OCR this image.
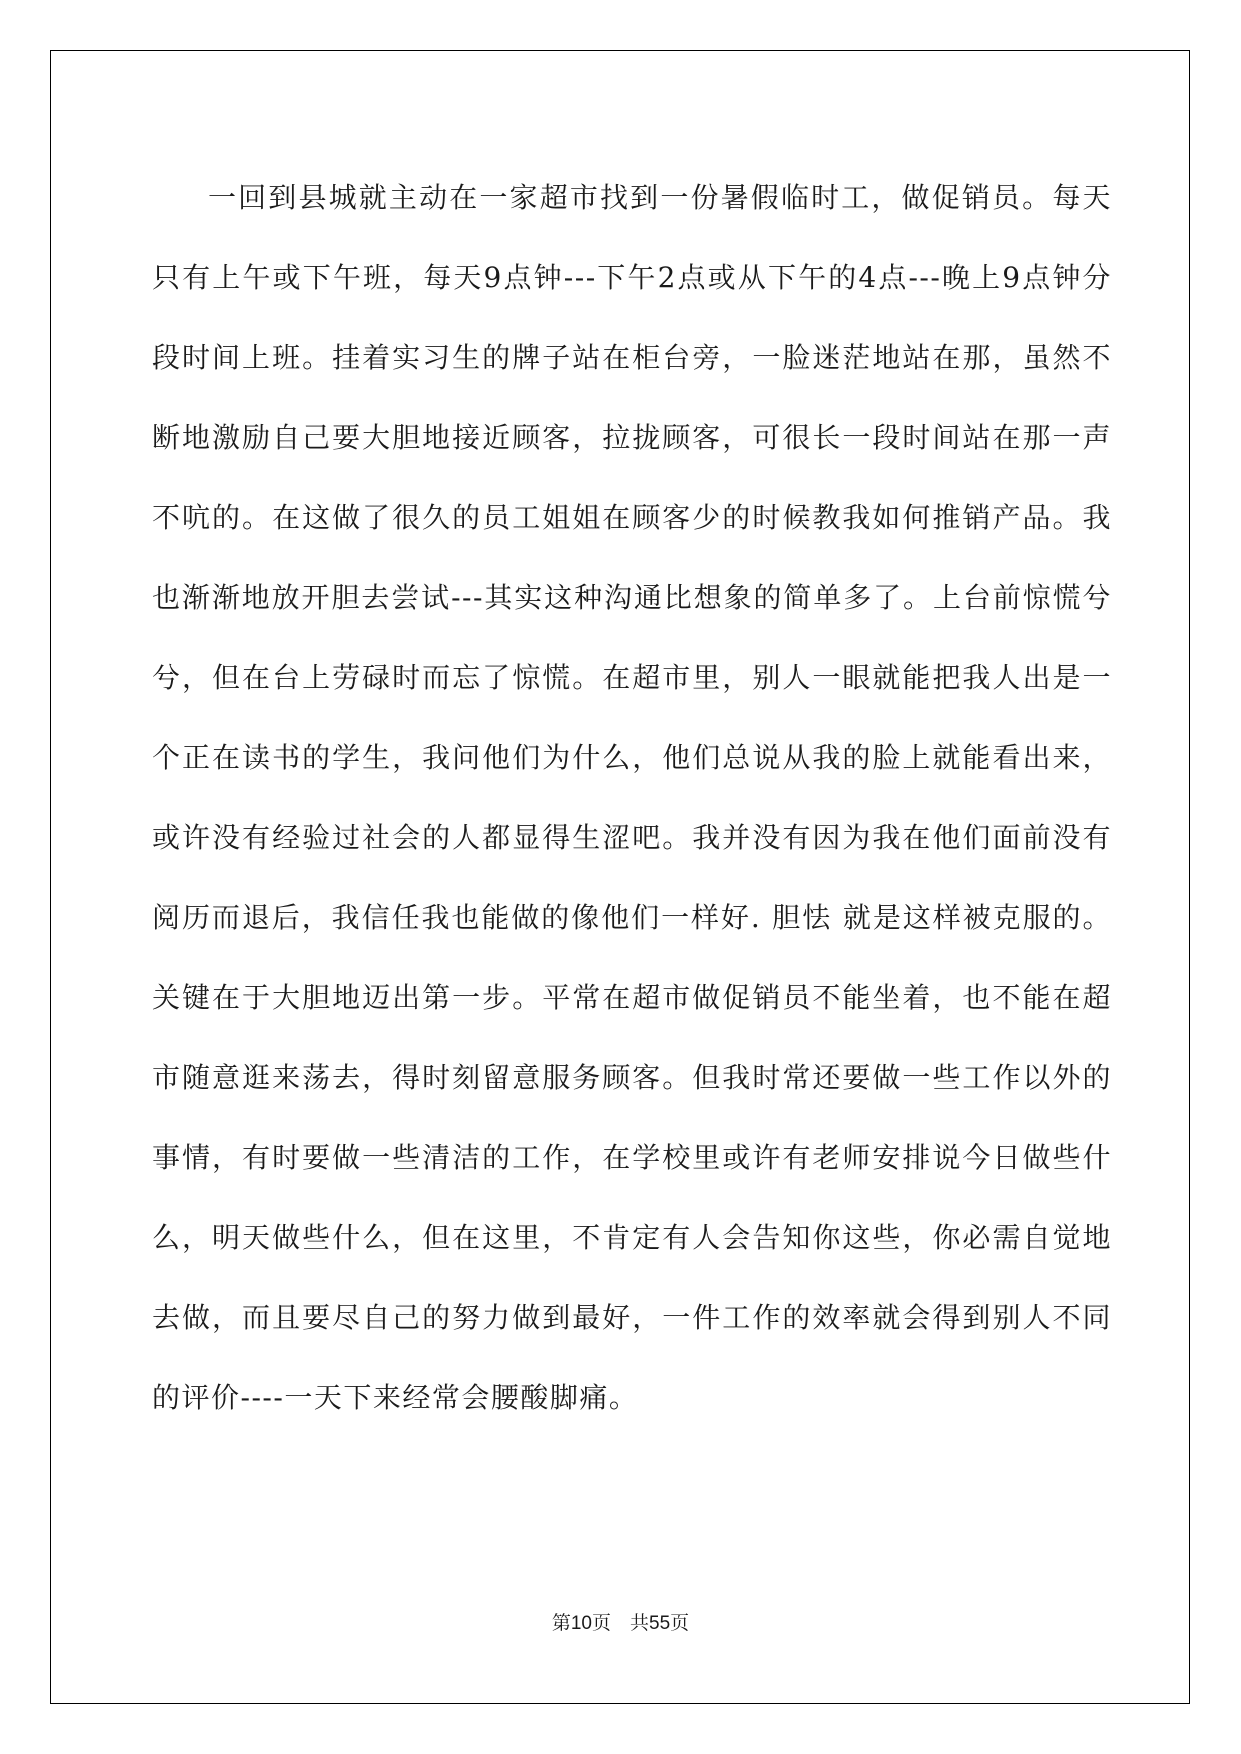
一回到县城就主动在一家超市找到一份暑假临时工，做促销员。每天只有上午或下午班，每天9点钟---下午2点或从下午的4点---晚上9点钟分段时间上班。挂着实习生的牌子站在柜台旁，一脸迷茫地站在那，虽然不断地激励自己要大胆地接近顾客，拉拢顾客，可很长一段时间站在那一声不吭的。在这做了很久的员工姐姐在顾客少的时候教我如何推销产品。我也渐渐地放开胆去尝试---其实这种沟通比想象的简单多了。上台前惊慌兮兮，但在台上劳碌时而忘了惊慌。在超市里，别人一眼就能把我人出是一个正在读书的学生，我问他们为什么，他们总说从我的脸上就能看出来，或许没有经验过社会的人都显得生涩吧。我并没有因为我在他们面前没有阅历而退后，我信任我也能做的像他们一样好. 胆怯 就是这样被克服的。关键在于大胆地迈出第一步。平常在超市做促销员不能坐着，也不能在超市随意逛来荡去，得时刻留意服务顾客。但我时常还要做一些工作以外的事情，有时要做一些清洁的工作，在学校里或许有老师安排说今日做些什么，明天做些什么，但在这里，不肯定有人会告知你这些，你必需自觉地去做，而且要尽自己的努力做到最好，一件工作的效率就会得到别人不同的评价----一天下来经常会腰酸脚痛。

第10页　共55页
